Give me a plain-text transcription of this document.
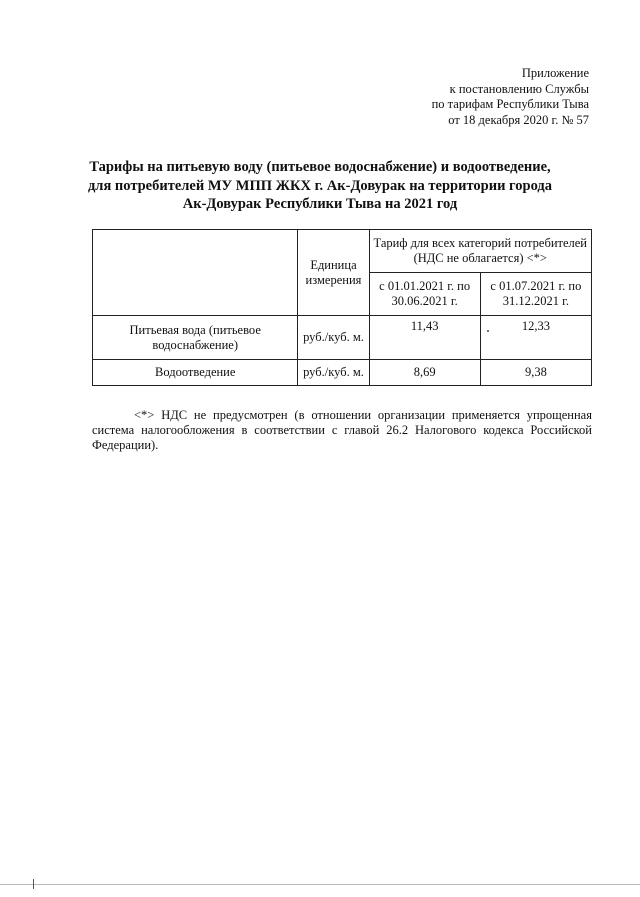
Приложение
к постановлению Службы
по тарифам Республики Тыва
от 18 декабря 2020 г. № 57
Тарифы на питьевую воду (питьевое водоснабжение) и водоотведение,
для потребителей МУ МПП ЖКХ г. Ак-Довурак на территории города
Ак-Довурак Республики Тыва на 2021 год

	Единица измерения	Тариф для всех категорий потребителей (НДС не облагается) <*>	
		с 01.01.2021 г. по 30.06.2021 г.	с 01.07.2021 г. по 31.12.2021 г.
Питьевая вода (питьевое водоснабжение)	руб./куб. м.	11,43	12,33
Водоотведение	руб./куб. м.	8,69	9,38
<*> НДС не предусмотрен (в отношении организации применяется упрощенная система налогообложения в соответствии с главой 26.2 Налогового кодекса Российской Федерации).
